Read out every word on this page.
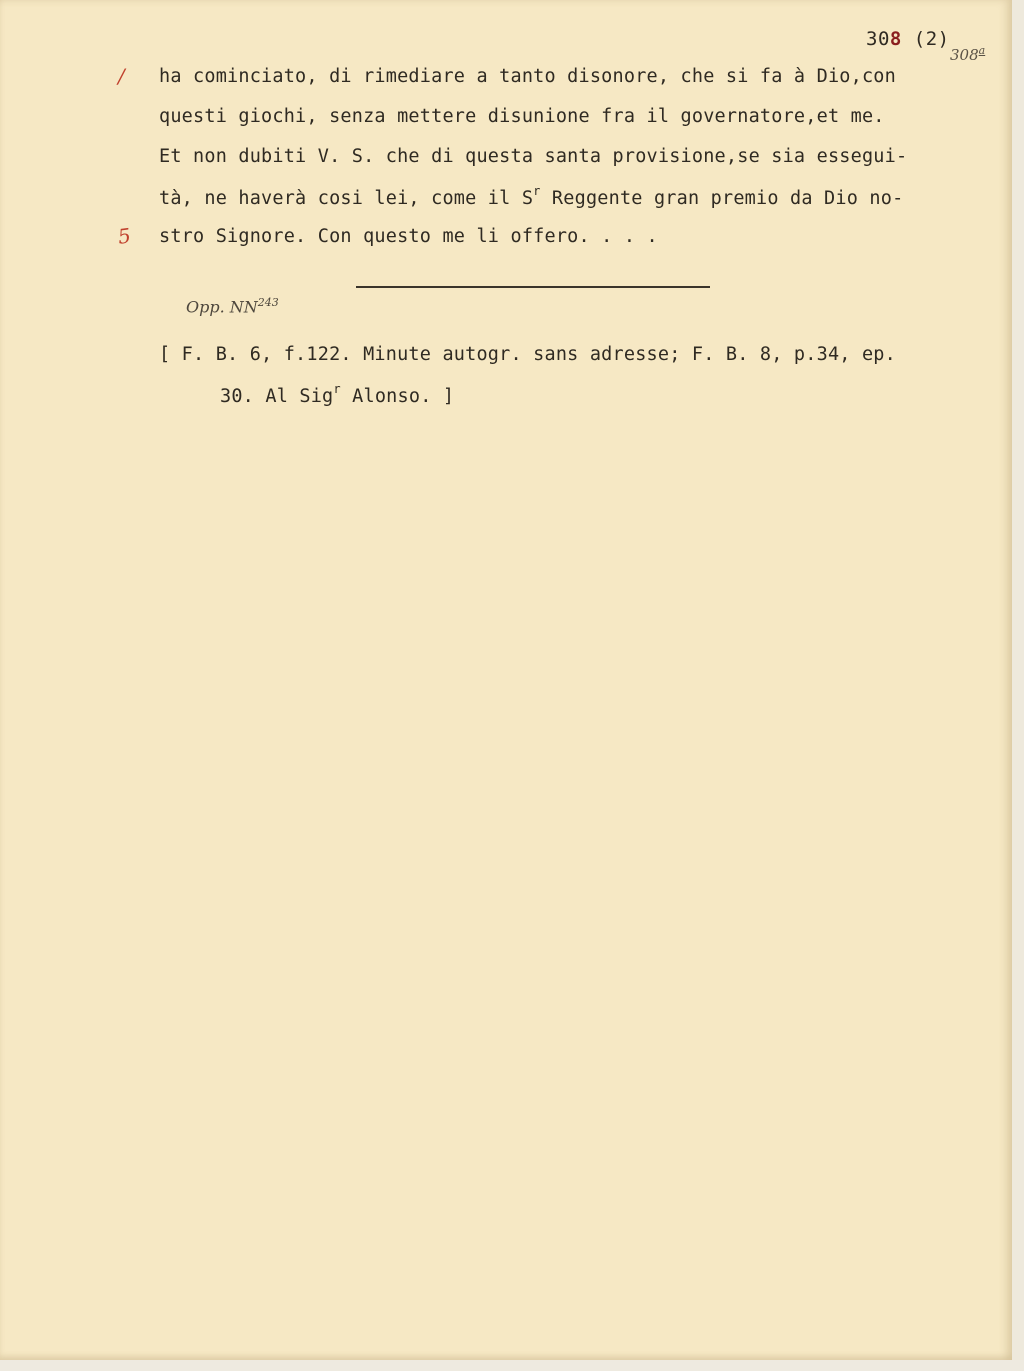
308 (2)
308$^a$
/
5
ha cominciato, di rimediare a tanto disonore, che si fa à Dio,con
questi giochi, senza mettere disunione fra il governatore,et me.
Et non dubiti V. S. che di questa santa provisione,se sia essegui-
tà, ne haverà cosi lei, come il $S^r$ Reggente gran premio da Dio no-
stro Signore. Con questo me li offero. . . .
Opp. NN$^{243}$
[ F. B. 6, f.122. Minute autogr. sans adresse; F. B. 8, p.34, ep.
30. Al Sig$^r$ Alonso. ]
